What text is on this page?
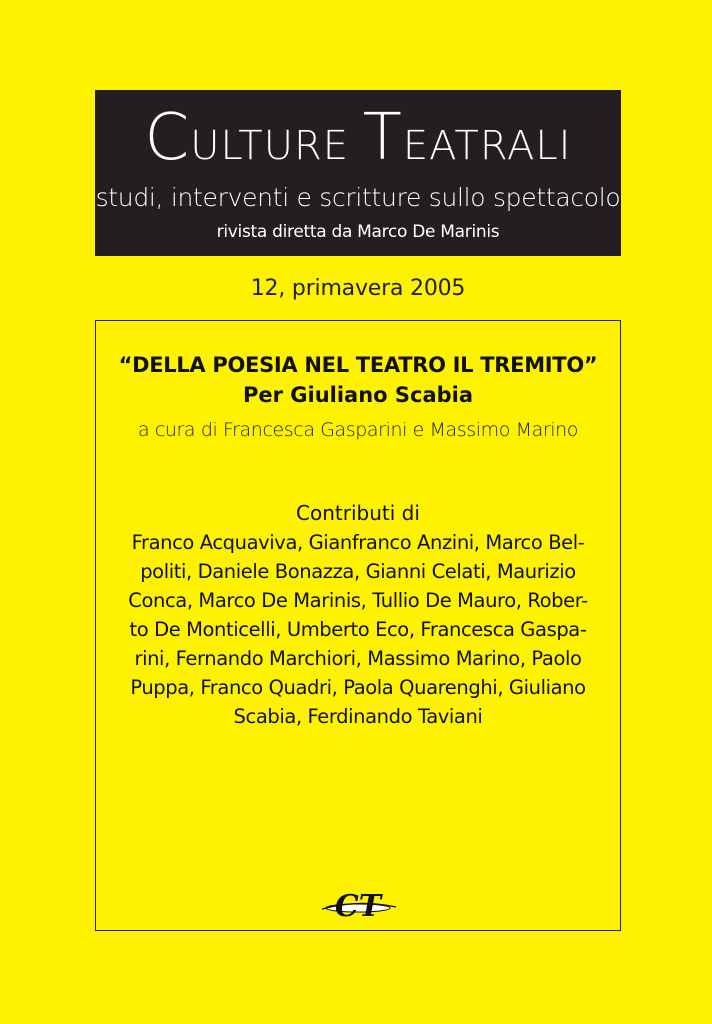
CULTURE TEATRALI
studi, interventi e scritture sullo spettacolo
rivista diretta da Marco De Marinis
12, primavera 2005
“DELLA POESIA NEL TEATRO IL TREMITO”
Per Giuliano Scabia
a cura di Francesca Gasparini e Massimo Marino
Contributi di
Franco Acquaviva, Gianfranco Anzini, Marco Bel-
politi, Daniele Bonazza, Gianni Celati, Maurizio
Conca, Marco De Marinis, Tullio De Mauro, Rober-
to De Monticelli, Umberto Eco, Francesca Gaspa-
rini, Fernando Marchiori, Massimo Marino, Paolo
Puppa, Franco Quadri, Paola Quarenghi, Giuliano
Scabia, Ferdinando Taviani
CT
